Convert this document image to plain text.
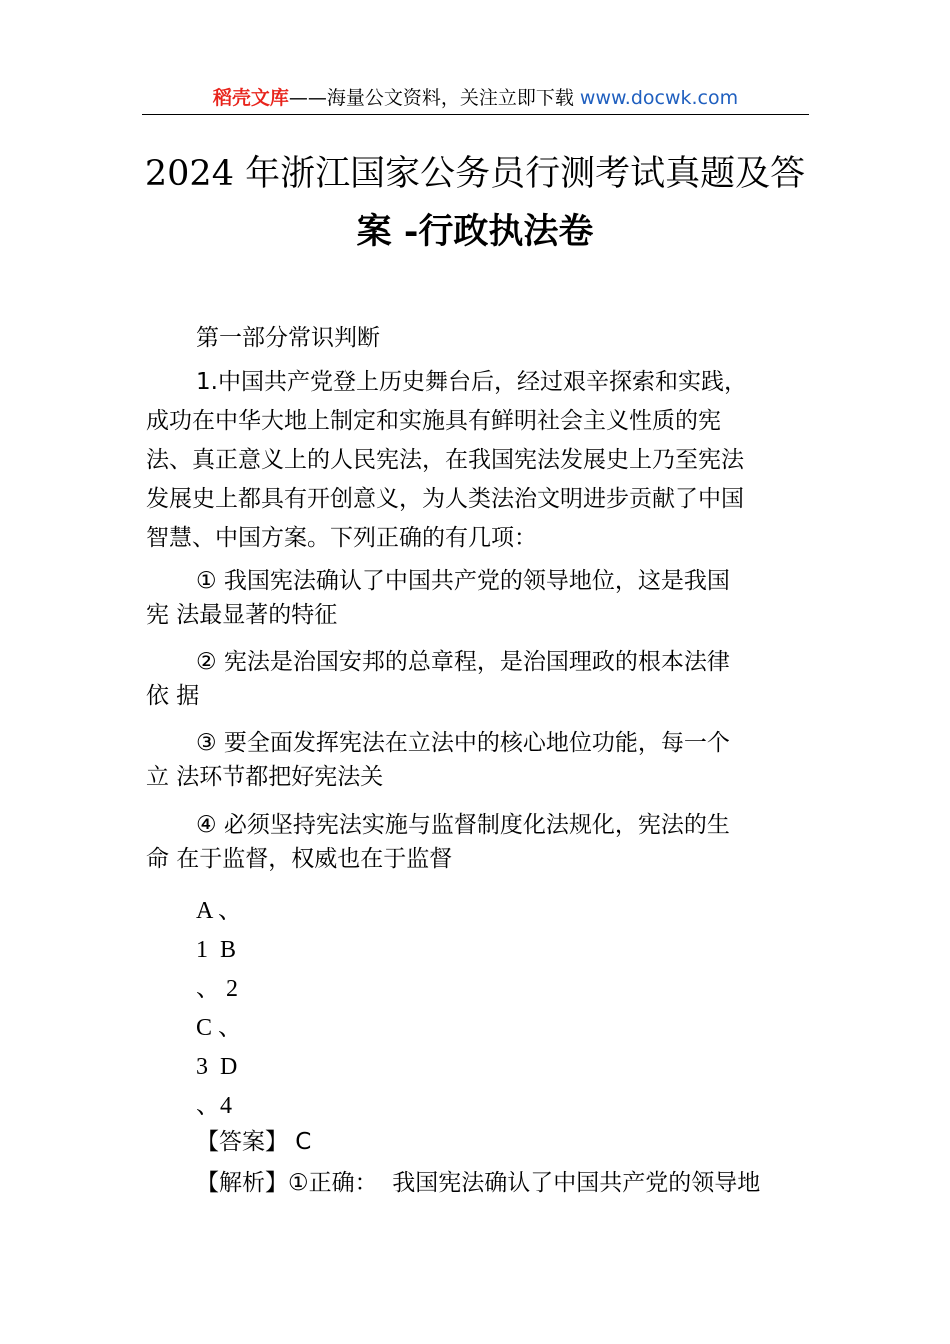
稻壳文库——海量公文资料，关注立即下载 www.docwk.com
2024 年浙江国家公务员行测考试真题及答
案 -行政执法卷
第一部分常识判断
1.中国共产党登上历史舞台后，经过艰辛探索和实践，
成功在中华大地上制定和实施具有鲜明社会主义性质的宪
法、真正意义上的人民宪法，在我国宪法发展史上乃至宪法
发展史上都具有开创意义，为人类法治文明进步贡献了中国
智慧、中国方案。下列正确的有几项：
① 我国宪法确认了中国共产党的领导地位，这是我国
宪 法最显著的特征
② 宪法是治国安邦的总章程，是治国理政的根本法律
依 据
③ 要全面发挥宪法在立法中的核心地位功能，每一个
立 法环节都把好宪法关
④ 必须坚持宪法实施与监督制度化法规化，宪法的生
命 在于监督，权威也在于监督
A 、
1  B
、 2
C 、
3  D
、4
【答案】 C
【解析】①正确：  我国宪法确认了中国共产党的领导地
